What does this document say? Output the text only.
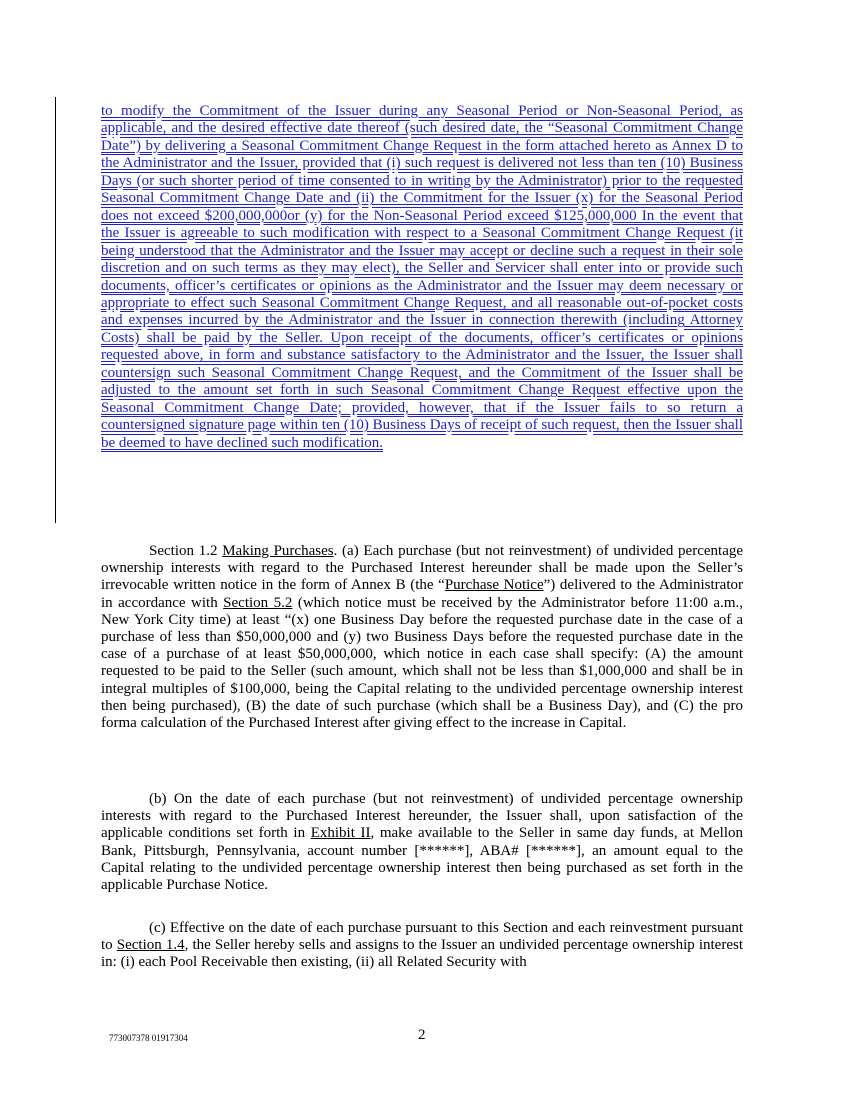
to modify the Commitment of the Issuer during any Seasonal Period or Non-Seasonal Period, as applicable, and the desired effective date thereof (such desired date, the “Seasonal Commitment Change Date”) by delivering a Seasonal Commitment Change Request in the form attached hereto as Annex D to the Administrator and the Issuer, provided that (i) such request is delivered not less than ten (10) Business Days (or such shorter period of time consented to in writing by the Administrator) prior to the requested Seasonal Commitment Change Date and (ii) the Commitment for the Issuer (x) for the Seasonal Period does not exceed $200,000,000or (y) for the Non-Seasonal Period exceed $125,000,000 In the event that the Issuer is agreeable to such modification with respect to a Seasonal Commitment Change Request (it being understood that the Administrator and the Issuer may accept or decline such a request in their sole discretion and on such terms as they may elect), the Seller and Servicer shall enter into or provide such documents, officer’s certificates or opinions as the Administrator and the Issuer may deem necessary or appropriate to effect such Seasonal Commitment Change Request, and all reasonable out-of-pocket costs and expenses incurred by the Administrator and the Issuer in connection therewith (including Attorney Costs) shall be paid by the Seller. Upon receipt of the documents, officer’s certificates or opinions requested above, in form and substance satisfactory to the Administrator and the Issuer, the Issuer shall countersign such Seasonal Commitment Change Request, and the Commitment of the Issuer shall be adjusted to the amount set forth in such Seasonal Commitment Change Request effective upon the Seasonal Commitment Change Date; provided, however, that if the Issuer fails to so return a countersigned signature page within ten (10) Business Days of receipt of such request, then the Issuer shall be deemed to have declined such modification.

Section 1.2 Making Purchases. (a) Each purchase (but not reinvestment) of undivided percentage ownership interests with regard to the Purchased Interest hereunder shall be made upon the Seller’s irrevocable written notice in the form of Annex B (the “Purchase Notice”) delivered to the Administrator in accordance with Section 5.2 (which notice must be received by the Administrator before 11:00 a.m., New York City time) at least “(x) one Business Day before the requested purchase date in the case of a purchase of less than $50,000,000 and (y) two Business Days before the requested purchase date in the case of a purchase of at least $50,000,000, which notice in each case shall specify: (A) the amount requested to be paid to the Seller (such amount, which shall not be less than $1,000,000 and shall be in integral multiples of $100,000, being the Capital relating to the undivided percentage ownership interest then being purchased), (B) the date of such purchase (which shall be a Business Day), and (C) the pro forma calculation of the Purchased Interest after giving effect to the increase in Capital.

(b) On the date of each purchase (but not reinvestment) of undivided percentage ownership interests with regard to the Purchased Interest hereunder, the Issuer shall, upon satisfaction of the applicable conditions set forth in Exhibit II, make available to the Seller in same day funds, at Mellon Bank, Pittsburgh, Pennsylvania, account number [******], ABA# [******], an amount equal to the Capital relating to the undivided percentage ownership interest then being purchased as set forth in the applicable Purchase Notice.

(c) Effective on the date of each purchase pursuant to this Section and each reinvestment pursuant to Section 1.4, the Seller hereby sells and assigns to the Issuer an undivided percentage ownership interest in: (i) each Pool Receivable then existing, (ii) all Related Security with

773007378 01917304	2
